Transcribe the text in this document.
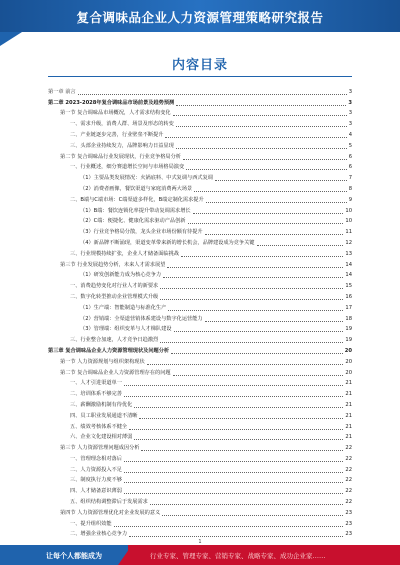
复合调味品企业人力资源管理策略研究报告
内容目录
第一章 前言	3
第二章 2023-2028年复合调味品市场前景及趋势预测	3
第一节 复合调味品市场概况，人才需求结构变化	3
一、需求升级，消费人群、场景及形态的转变	3
二、产业链逐步完善，行业壁垒不断提升	4
三、头部企业持续发力，品牌影响力日益显现	5
第二节 复合调味品行业发展现状，行业竞争格局分析	6
一、行业概述，细分赛道增长空间与市场格局演变	6
（1）主要品类发展情况：火锅底料、中式复调与西式复调	7
（2）消费者画像，餐饮渠道与家庭消费两大场景	8
二、B端与C端市场：C端渠道多样化，B端定制化需求提升	9
（1）B端：餐饮连锁化率提升带动复调需求增长	10
（2）C端：便捷化、健康化需求驱动产品创新	10
（3）行业竞争格局分散，龙头企业市场份额有待提升	11
（4）新品牌不断涌现，渠道变革带来新的增长机会，品牌建设成为竞争关键	12
三、行业规模持续扩张，企业人才储备面临挑战	13
第三节 行业发展趋势分析，未来人才需求展望	14
（1）研发创新能力成为核心竞争力	14
一、消费趋势变化对行业人才的新要求	15
二、数字化转型推动企业管理模式升级	16
（1）生产端：智能制造与标准化生产	17
（2）营销端：全渠道营销体系建设与数字化运营能力	18
（3）管理端：组织变革与人才梯队建设	19
三、行业整合加速，人才竞争日趋激烈	19
第三章 复合调味品企业人力资源管理现状及问题分析	20
第一节 人力资源规划与组织架构现状	20
第二节 复合调味品企业人力资源管理存在的问题	20
一、人才引进渠道单一	21
二、培训体系不够完善	21
三、薪酬激励机制有待优化	21
四、员工职业发展通道不清晰	21
五、绩效考核体系不健全	21
六、企业文化建设相对薄弱	21
第三节 人力资源管理问题成因分析	22
一、管理理念相对落后	22
二、人力资源投入不足	22
三、制度执行力度不够	22
四、人才储备意识薄弱	22
五、组织结构调整滞后于发展需求	22
第四节 人力资源管理优化对企业发展的意义	23
一、提升组织效能	23
二、增强企业核心竞争力	23
1
让每个人都能成为	行业专家、管理专家、营销专家、战略专家、成功企业家……
